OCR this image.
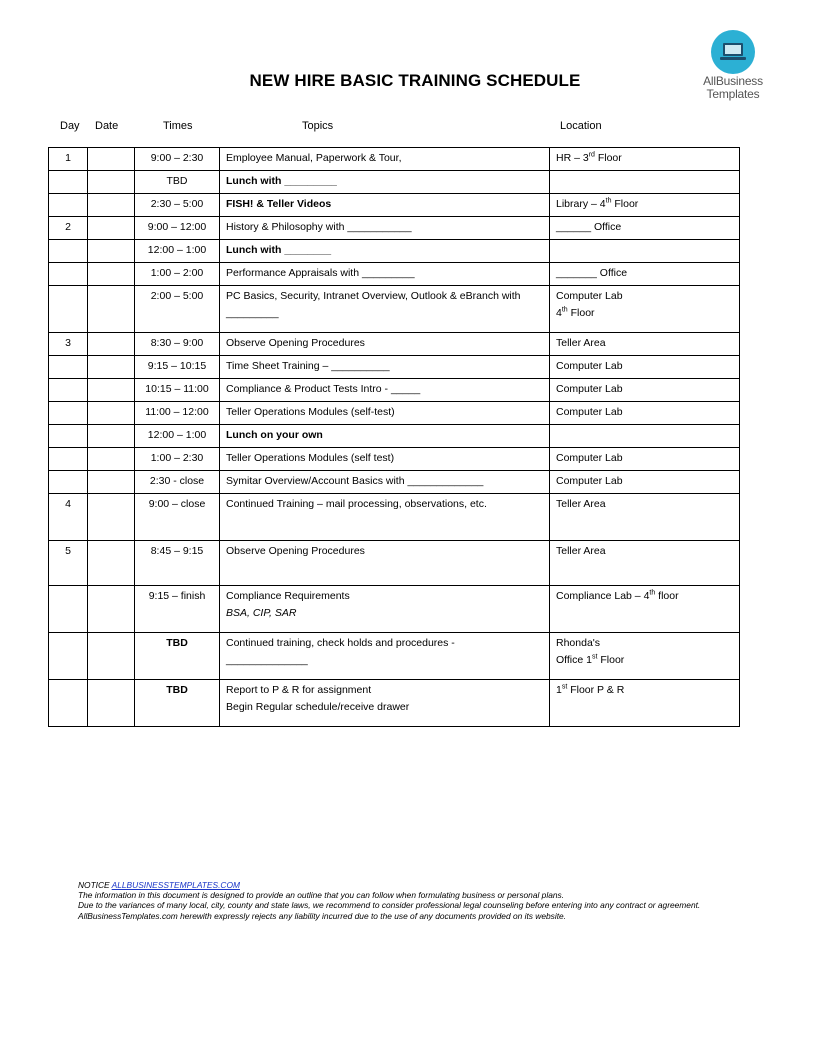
AllBusiness
Templates
NEW HIRE BASIC TRAINING SCHEDULE
Day Date	Times	Topics	Location
1		9:00 – 2:30	Employee Manual, Paperwork & Tour,	HR – 3rd Floor

		TBD	Lunch with _________	

		2:30 – 5:00	FISH! & Teller Videos	Library – 4th Floor

2		9:00 – 12:00	History & Philosophy with ___________	______ Office

		12:00 – 1:00	Lunch with ________	

		1:00 – 2:00	Performance Appraisals with _________	_______ Office

		2:00 – 5:00	PC Basics, Security, Intranet Overview, Outlook & eBranch with
_________	Computer Lab
4th Floor

3		8:30 – 9:00	Observe Opening Procedures	Teller Area

		9:15 – 10:15	Time Sheet Training – __________	Computer Lab

		10:15 – 11:00	Compliance & Product Tests Intro - _____	Computer Lab

		11:00 – 12:00	Teller Operations Modules (self-test)	Computer Lab

		12:00 – 1:00	Lunch on your own	

		1:00 – 2:30	Teller Operations Modules (self test)	Computer Lab

		2:30 - close	Symitar Overview/Account Basics with _____________	Computer Lab

4		9:00 – close	Continued Training – mail processing, observations, etc.	Teller Area

5		8:45 – 9:15	Observe Opening Procedures	Teller Area

		9:15 – finish	Compliance Requirements
BSA, CIP, SAR	Compliance Lab – 4th floor

		TBD	Continued training, check holds and procedures -
______________	Rhonda's
Office 1st Floor

		TBD	Report to P & R for assignment
Begin Regular schedule/receive drawer	1st Floor P & R
NOTICE ALLBUSINESSTEMPLATES.COM
The information in this document is designed to provide an outline that you can follow when formulating business or personal plans.
Due to the variances of many local, city, county and state laws, we recommend to consider professional legal counseling before entering into any contract or agreement. AllBusinessTemplates.com herewith expressly rejects any liability incurred due to the use of any documents provided on its website.
